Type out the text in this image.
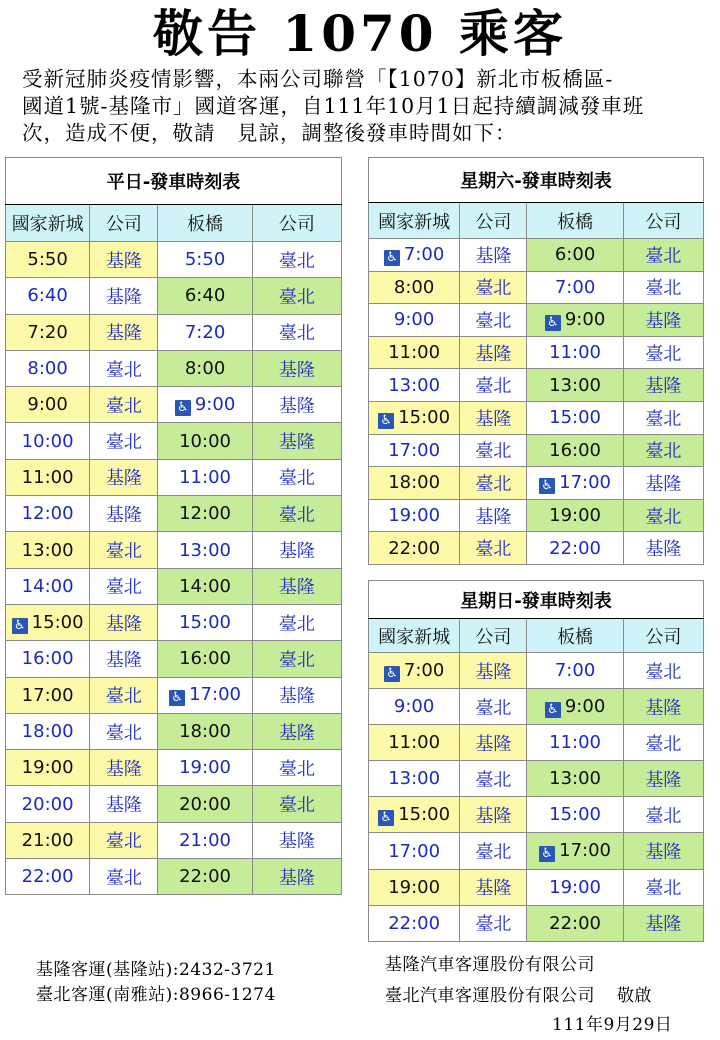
敬告 1070 乘客
受新冠肺炎疫情影響，本兩公司聯營「【1070】新北市板橋區-
國道1號-基隆市」國道客運，自111年10月1日起持續調減發車班
次，造成不便，敬請　見諒，調整後發車時間如下：
平日-發車時刻表			
國家新城	公司	板橋	公司
5:50	基隆	5:50	臺北
6:40	基隆	6:40	臺北
7:20	基隆	7:20	臺北
8:00	臺北	8:00	基隆
9:00	臺北	♿ 9:00	基隆
10:00	臺北	10:00	基隆
11:00	基隆	11:00	臺北
12:00	基隆	12:00	臺北
13:00	臺北	13:00	基隆
14:00	臺北	14:00	基隆
♿ 15:00	基隆	15:00	臺北
16:00	基隆	16:00	臺北
17:00	臺北	♿ 17:00	基隆
18:00	臺北	18:00	基隆
19:00	基隆	19:00	臺北
20:00	基隆	20:00	臺北
21:00	臺北	21:00	基隆
22:00	臺北	22:00	基隆
星期六-發車時刻表			
國家新城	公司	板橋	公司
♿ 7:00	基隆	6:00	臺北
8:00	臺北	7:00	臺北
9:00	臺北	♿ 9:00	基隆
11:00	基隆	11:00	臺北
13:00	臺北	13:00	基隆
♿ 15:00	基隆	15:00	臺北
17:00	臺北	16:00	臺北
18:00	臺北	♿ 17:00	基隆
19:00	基隆	19:00	臺北
22:00	臺北	22:00	基隆
星期日-發車時刻表			
國家新城	公司	板橋	公司
♿ 7:00	基隆	7:00	臺北
9:00	臺北	♿ 9:00	基隆
11:00	基隆	11:00	臺北
13:00	臺北	13:00	基隆
♿ 15:00	基隆	15:00	臺北
17:00	臺北	♿ 17:00	基隆
19:00	基隆	19:00	臺北
22:00	臺北	22:00	基隆
基隆客運(基隆站):2432-3721
臺北客運(南雅站):8966-1274
基隆汽車客運股份有限公司
臺北汽車客運股份有限公司 敬啟
111年9月29日
